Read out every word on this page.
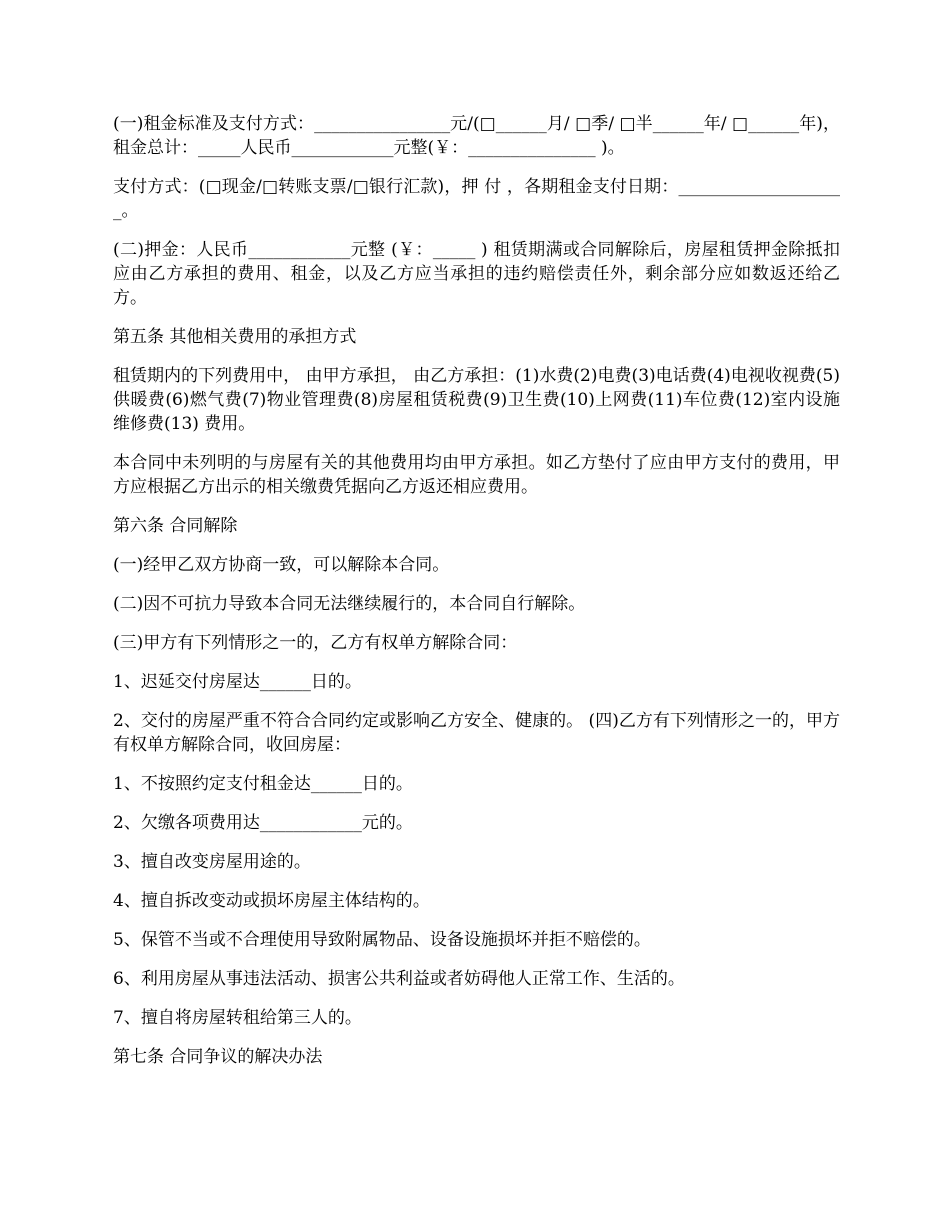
(一)租金标准及支付方式：________________元/(□______月/ □季/ □半______年/ □______年)，租金总计：_____人民币____________元整(￥：_______________ )。

支付方式：(□现金/□转账支票/□银行汇款)，押 付 ，各期租金支付日期：____________________。

(二)押金：人民币____________元整 (￥：_____ ) 租赁期满或合同解除后，房屋租赁押金除抵扣应由乙方承担的费用、租金，以及乙方应当承担的违约赔偿责任外，剩余部分应如数返还给乙方。

第五条 其他相关费用的承担方式

租赁期内的下列费用中， 由甲方承担， 由乙方承担：(1)水费(2)电费(3)电话费(4)电视收视费(5)供暖费(6)燃气费(7)物业管理费(8)房屋租赁税费(9)卫生费(10)上网费(11)车位费(12)室内设施维修费(13) 费用。

本合同中未列明的与房屋有关的其他费用均由甲方承担。如乙方垫付了应由甲方支付的费用，甲方应根据乙方出示的相关缴费凭据向乙方返还相应费用。

第六条 合同解除

(一)经甲乙双方协商一致，可以解除本合同。

(二)因不可抗力导致本合同无法继续履行的，本合同自行解除。

(三)甲方有下列情形之一的，乙方有权单方解除合同：

1、迟延交付房屋达______日的。

2、交付的房屋严重不符合合同约定或影响乙方安全、健康的。 (四)乙方有下列情形之一的，甲方有权单方解除合同，收回房屋：

1、不按照约定支付租金达______日的。

2、欠缴各项费用达____________元的。

3、擅自改变房屋用途的。

4、擅自拆改变动或损坏房屋主体结构的。

5、保管不当或不合理使用导致附属物品、设备设施损坏并拒不赔偿的。

6、利用房屋从事违法活动、损害公共利益或者妨碍他人正常工作、生活的。

7、擅自将房屋转租给第三人的。

第七条 合同争议的解决办法
